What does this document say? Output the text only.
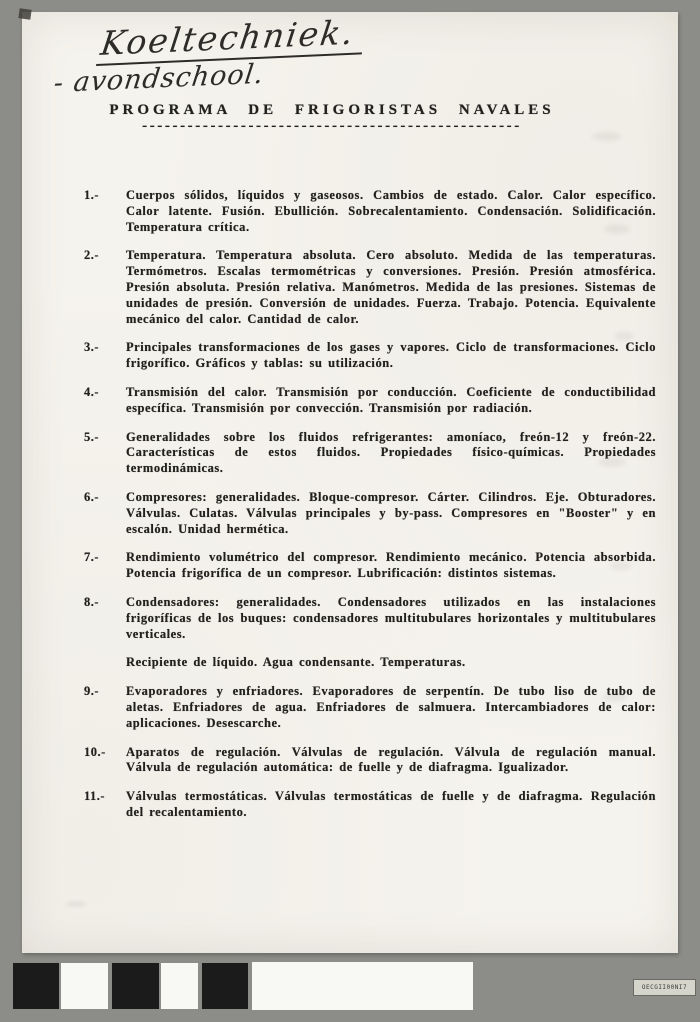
Koeltechniek.
- avondschool.
PROGRAMA DE FRIGORISTAS NAVALES
--------------------------------------------------
1.-	Cuerpos sólidos, líquidos y gaseosos. Cambios de estado. Calor. Calor específico. Calor latente. Fusión. Ebullición. Sobrecalentamiento. Condensación. Solidificación. Temperatura crítica.

2.-	Temperatura. Temperatura absoluta. Cero absoluto. Medida de las temperaturas. Termómetros. Escalas termométricas y conversiones. Presión. Presión atmosférica. Presión absoluta. Presión relativa. Manómetros. Medida de las presiones. Sistemas de unidades de presión. Conversión de unidades. Fuerza. Trabajo. Potencia. Equivalente mecánico del calor. Cantidad de calor.

3.-	Principales transformaciones de los gases y vapores. Ciclo de transformaciones. Ciclo frigorífico. Gráficos y tablas: su utilización.

4.-	Transmisión del calor. Transmisión por conducción. Coeficiente de conductibilidad específica. Transmisión por convección. Transmisión por radiación.

5.-	Generalidades sobre los fluidos refrigerantes: amoníaco, freón-12 y freón-22. Características de estos fluidos. Propiedades físico-químicas. Propiedades termodinámicas.

6.-	Compresores: generalidades. Bloque-compresor. Cárter. Cilindros. Eje. Obturadores. Válvulas. Culatas. Válvulas principales y by-pass. Compresores en "Booster" y en escalón. Unidad hermética.

7.-	Rendimiento volumétrico del compresor. Rendimiento mecánico. Potencia absorbida. Potencia frigorífica de un compresor. Lubrificación: distintos sistemas.

8.-	Condensadores: generalidades. Condensadores utilizados en las instalaciones frigoríficas de los buques: condensadores multitubulares horizontales y multitubulares verticales.

Recipiente de líquido. Agua condensante. Temperaturas.

9.-	Evaporadores y enfriadores. Evaporadores de serpentín. De tubo liso de tubo de aletas. Enfriadores de agua. Enfriadores de salmuera. Intercambiadores de calor: aplicaciones. Desescarche.

10.-	Aparatos de regulación. Válvulas de regulación. Válvula de regulación manual. Válvula de regulación automática: de fuelle y de diafragma. Igualizador.

11.-	Válvulas termostáticas. Válvulas termostáticas de fuelle y de diafragma. Regulación del recalentamiento.

OECGII00NI7
